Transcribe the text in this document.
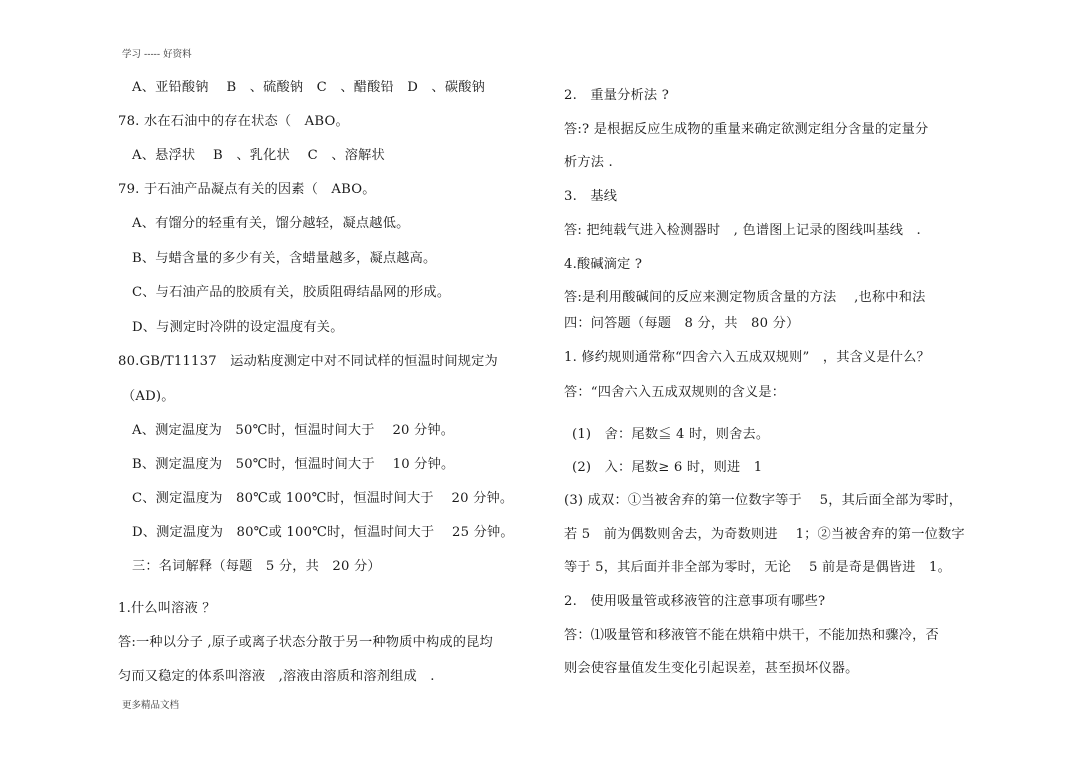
学习 ----- 好资料
A、亚铅酸钠　 B　、硫酸钠　C　、醋酸铅　D　、碳酸钠
78. 水在石油中的存在状态（　ABO。
A、悬浮状　 B　、乳化状　 C　、溶解状
79. 于石油产品凝点有关的因素（　ABO。
A、有馏分的轻重有关，馏分越轻，凝点越低。
B、与蜡含量的多少有关，含蜡量越多，凝点越高。
C、与石油产品的胶质有关，胶质阻碍结晶网的形成。
D、与测定时冷阱的设定温度有关。
80.GB/T11137　运动粘度测定中对不同试样的恒温时间规定为
（AD)。
A、测定温度为　50℃时，恒温时间大于　 20 分钟。
B、测定温度为　50℃时，恒温时间大于　 10 分钟。
C、测定温度为　80℃或 100℃时，恒温时间大于　 20 分钟。
D、测定温度为　80℃或 100℃时，恒温时间大于　 25 分钟。
三：名词解释（每题　5 分，共　20 分）
1.什么叫溶液 ？
答:一种以分子 ,原子或离子状态分散于另一种物质中构成的昆均
匀而又稳定的体系叫溶液　,溶液由溶质和溶剂组成　.
2.　重量分析法 ?
答:? 是根据反应生成物的重量来确定欲测定组分含量的定量分
析方法 .
3.　基线
答: 把纯载气进入检测器时　, 色谱图上记录的图线叫基线　.
4.酸碱滴定 ?
答:是利用酸碱间的反应来测定物质含量的方法　 ,也称中和法
四：问答题（每题　8 分，共　80 分）
1. 修约规则通常称“四舍六入五成双规则”　，其含义是什么？
答：“四舍六入五成双规则的含义是：
(1)　舍：尾数≦ 4 时，则舍去。
(2)　入：尾数≥ 6 时，则进　1
(3) 成双：①当被舍弃的第一位数字等于　 5，其后面全部为零时，
若 5　前为偶数则舍去，为奇数则进　 1；②当被舍弃的第一位数字
等于 5，其后面并非全部为零时，无论　 5 前是奇是偶皆进　1。
2.　使用吸量管或移液管的注意事项有哪些?
答：⑴吸量管和移液管不能在烘箱中烘干，不能加热和骤冷，否
则会使容量值发生变化引起误差，甚至损坏仪器。
更多精品文档
